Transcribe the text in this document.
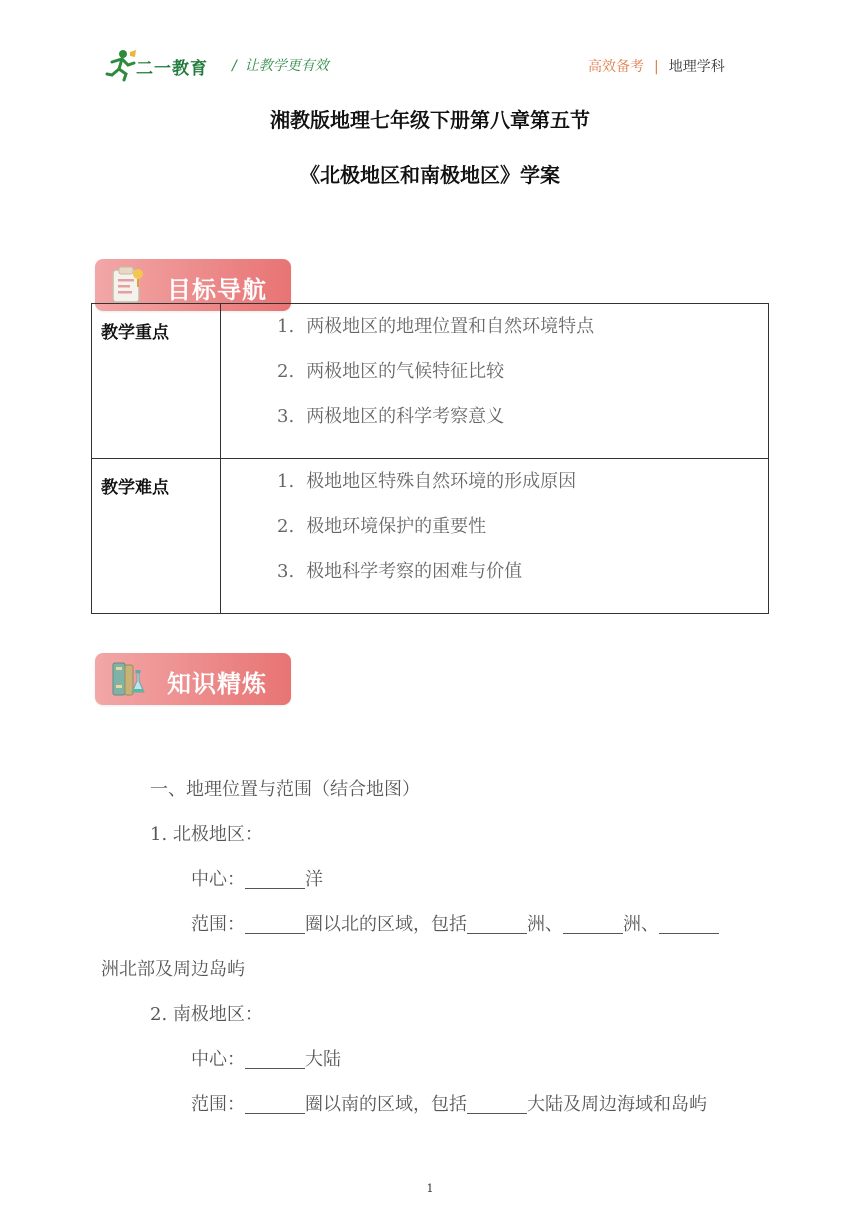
二一教育 / 让教学更有效	高效备考 | 地理学科
湘教版地理七年级下册第八章第五节
《北极地区和南极地区》学案
目标导航
教学重点	1. 两极地区的地理位置和自然环境特点
2. 两极地区的气候特征比较
3. 两极地区的科学考察意义

教学难点	1. 极地地区特殊自然环境的形成原因
2. 极地环境保护的重要性
3. 极地科学考察的困难与价值
知识精炼
一、地理位置与范围（结合地图）
1. 北极地区：
中心：	洋
范围：	圈以北的区域，包括	洲、	洲、
洲北部及周边岛屿
2. 南极地区：
中心：	大陆
范围：	圈以南的区域，包括	大陆及周边海域和岛屿
1
